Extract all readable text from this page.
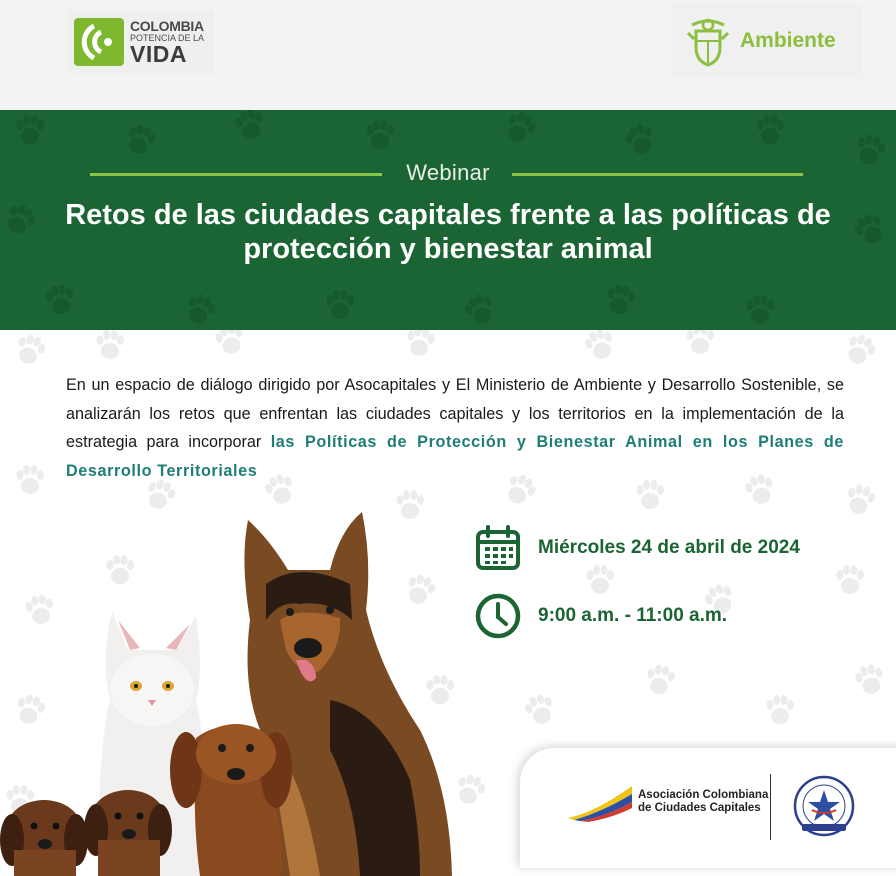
COLOMBIA
POTENCIA DE LA
VIDA	Ambiente
Webinar
Retos de las ciudades capitales frente a las políticas de protección y bienestar animal

En un espacio de diálogo dirigido por Asocapitales y El Ministerio de Ambiente y Desarrollo Sostenible, se analizarán los retos que enfrentan las ciudades capitales y los territorios en la implementación de la estrategia para incorporar las Políticas de Protección y Bienestar Animal en los Planes de Desarrollo Territoriales

Miércoles 24 de abril de 2024
9:00 a.m. - 11:00 a.m.
Asociación Colombiana
de Ciudades Capitales
